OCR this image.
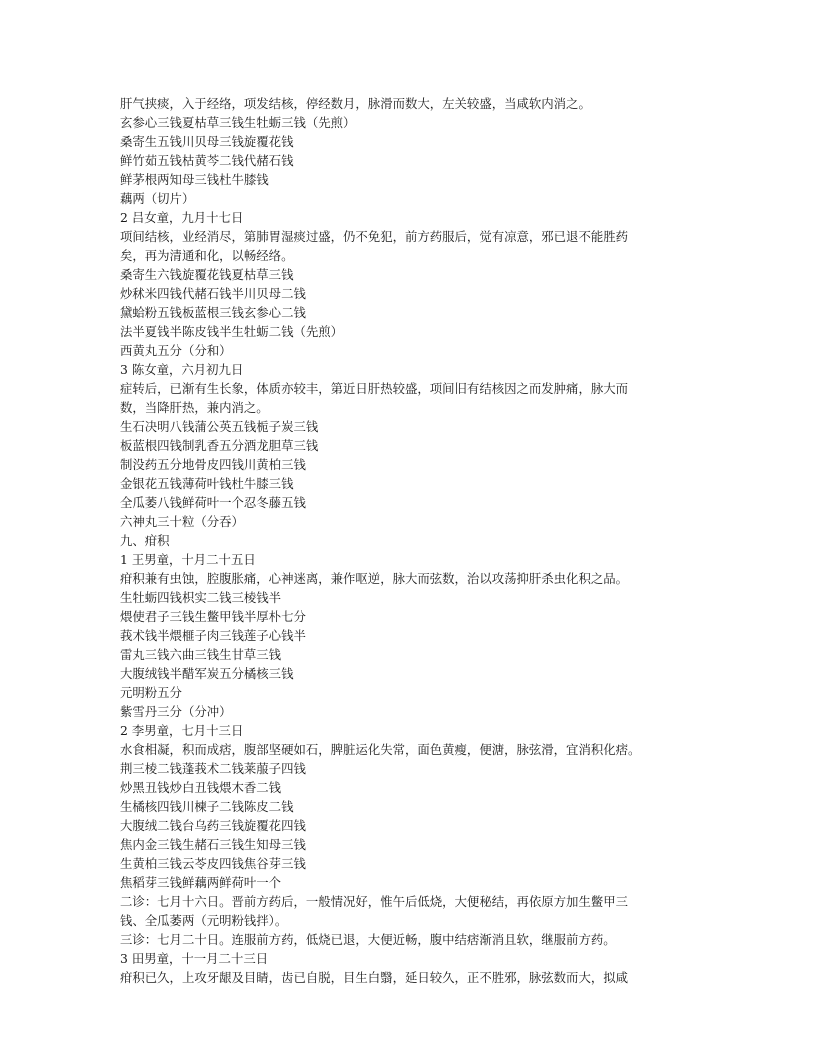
肝气挟痰，入于经络，项发结核，停经数月，脉滑而数大，左关较盛，当咸软内消之。
玄参心三钱夏枯草三钱生牡蛎三钱（先煎）
桑寄生五钱川贝母三钱旋覆花钱
鲜竹茹五钱枯黄芩二钱代赭石钱
鲜茅根两知母三钱杜牛膝钱
藕两（切片）
2 吕女童，九月十七日
项间结核，业经消尽，第肺胃湿痰过盛，仍不免犯，前方药服后，觉有凉意，邪已退不能胜药
矣，再为清通和化，以畅经络。
桑寄生六钱旋覆花钱夏枯草三钱
炒秫米四钱代赭石钱半川贝母二钱
黛蛤粉五钱板蓝根三钱玄参心二钱
法半夏钱半陈皮钱半生牡蛎二钱（先煎）
西黄丸五分（分和）
3 陈女童，六月初九日
症转后，已渐有生长象，体质亦较丰，第近日肝热较盛，项间旧有结核因之而发肿痛，脉大而
数，当降肝热，兼内消之。
生石决明八钱蒲公英五钱栀子炭三钱
板蓝根四钱制乳香五分酒龙胆草三钱
制没药五分地骨皮四钱川黄柏三钱
金银花五钱薄荷叶钱杜牛膝三钱
全瓜萎八钱鲜荷叶一个忍冬藤五钱
六神丸三十粒（分吞）
九、疳积
1 王男童，十月二十五日
疳积兼有虫蚀，腔腹胀痛，心神迷离，兼作呕逆，脉大而弦数，治以攻荡抑肝杀虫化积之品。
生牡蛎四钱枳实二钱三棱钱半
煨使君子三钱生鳖甲钱半厚朴七分
莪术钱半煨榧子肉三钱莲子心钱半
雷丸三钱六曲三钱生甘草三钱
大腹绒钱半醋军炭五分橘核三钱
元明粉五分
紫雪丹三分（分冲）
2 李男童，七月十三日
水食相凝，积而成痞，腹部坚硬如石，脾脏运化失常，面色黄瘦，便溏，脉弦滑，宜消积化痞。
荆三棱二钱蓬莪术二钱莱菔子四钱
炒黑丑钱炒白丑钱煨木香二钱
生橘核四钱川楝子二钱陈皮二钱
大腹绒二钱台乌药三钱旋覆花四钱
焦内金三钱生赭石三钱生知母三钱
生黄柏三钱云苓皮四钱焦谷芽三钱
焦稻芽三钱鲜藕两鲜荷叶一个
二诊：七月十六日。晋前方药后，一般情况好，惟午后低烧，大便秘结，再依原方加生鳖甲三
钱、全瓜萎两（元明粉钱拌）。
三诊：七月二十日。连服前方药，低烧已退，大便近畅，腹中结痞渐消且软，继服前方药。
3 田男童，十一月二十三日
疳积已久，上攻牙龈及目睛，齿已自脱，目生白翳，延日较久，正不胜邪，脉弦数而大，拟咸
